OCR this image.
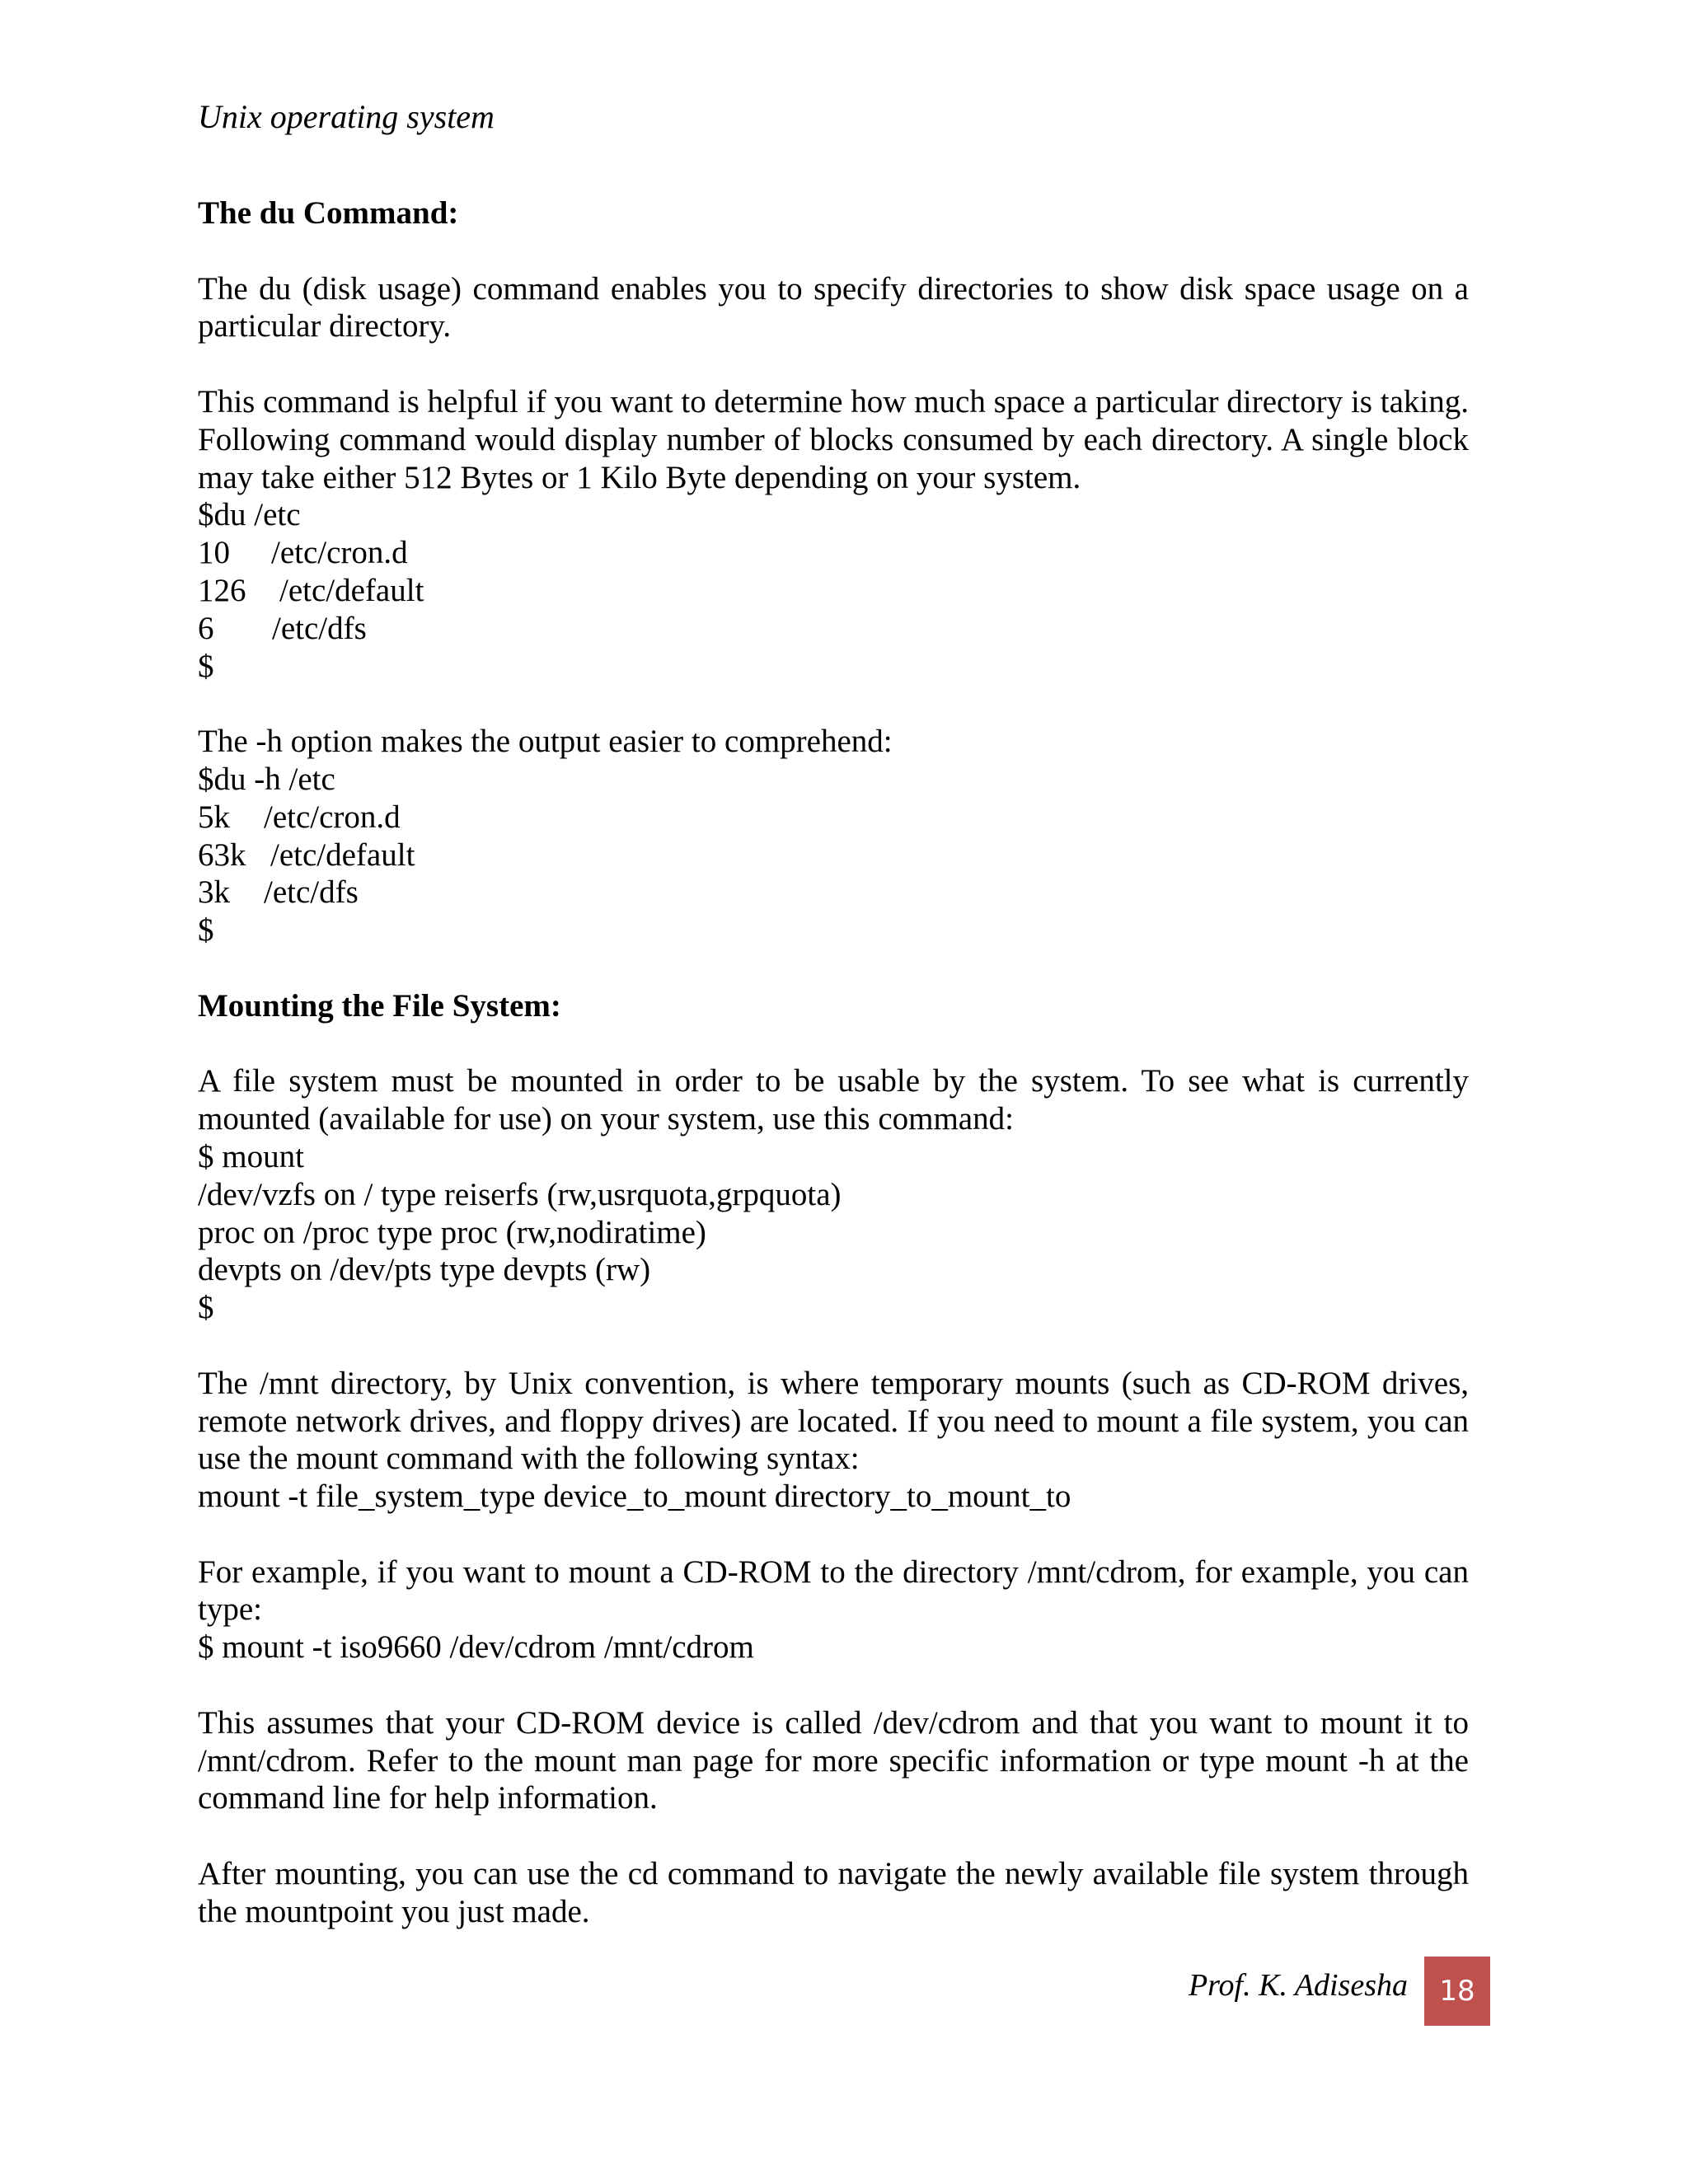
Unix operating system
The du Command:

The du (disk usage) command enables you to specify directories to show disk space usage on a particular directory.

This command is helpful if you want to determine how much space a particular directory is taking. Following command would display number of blocks consumed by each directory. A single block may take either 512 Bytes or 1 Kilo Byte depending on your system.

$du /etc
10 /etc/cron.d
126 /etc/default
6 /etc/dfs
$

The -h option makes the output easier to comprehend:

$du -h /etc
5k /etc/cron.d
63k /etc/default
3k /etc/dfs
$
Mounting the File System:

A file system must be mounted in order to be usable by the system. To see what is currently mounted (available for use) on your system, use this command:

$ mount
/dev/vzfs on / type reiserfs (rw,usrquota,grpquota)
proc on /proc type proc (rw,nodiratime)
devpts on /dev/pts type devpts (rw)
$

The /mnt directory, by Unix convention, is where temporary mounts (such as CD-ROM drives, remote network drives, and floppy drives) are located. If you need to mount a file system, you can use the mount command with the following syntax:

mount -t file_system_type device_to_mount directory_to_mount_to

For example, if you want to mount a CD-ROM to the directory /mnt/cdrom, for example, you can type:

$ mount -t iso9660 /dev/cdrom /mnt/cdrom

This assumes that your CD-ROM device is called /dev/cdrom and that you want to mount it to /mnt/cdrom. Refer to the mount man page for more specific information or type mount -h at the command line for help information.

After mounting, you can use the cd command to navigate the newly available file system through the mountpoint you just made.

Prof. K. Adisesha	18
